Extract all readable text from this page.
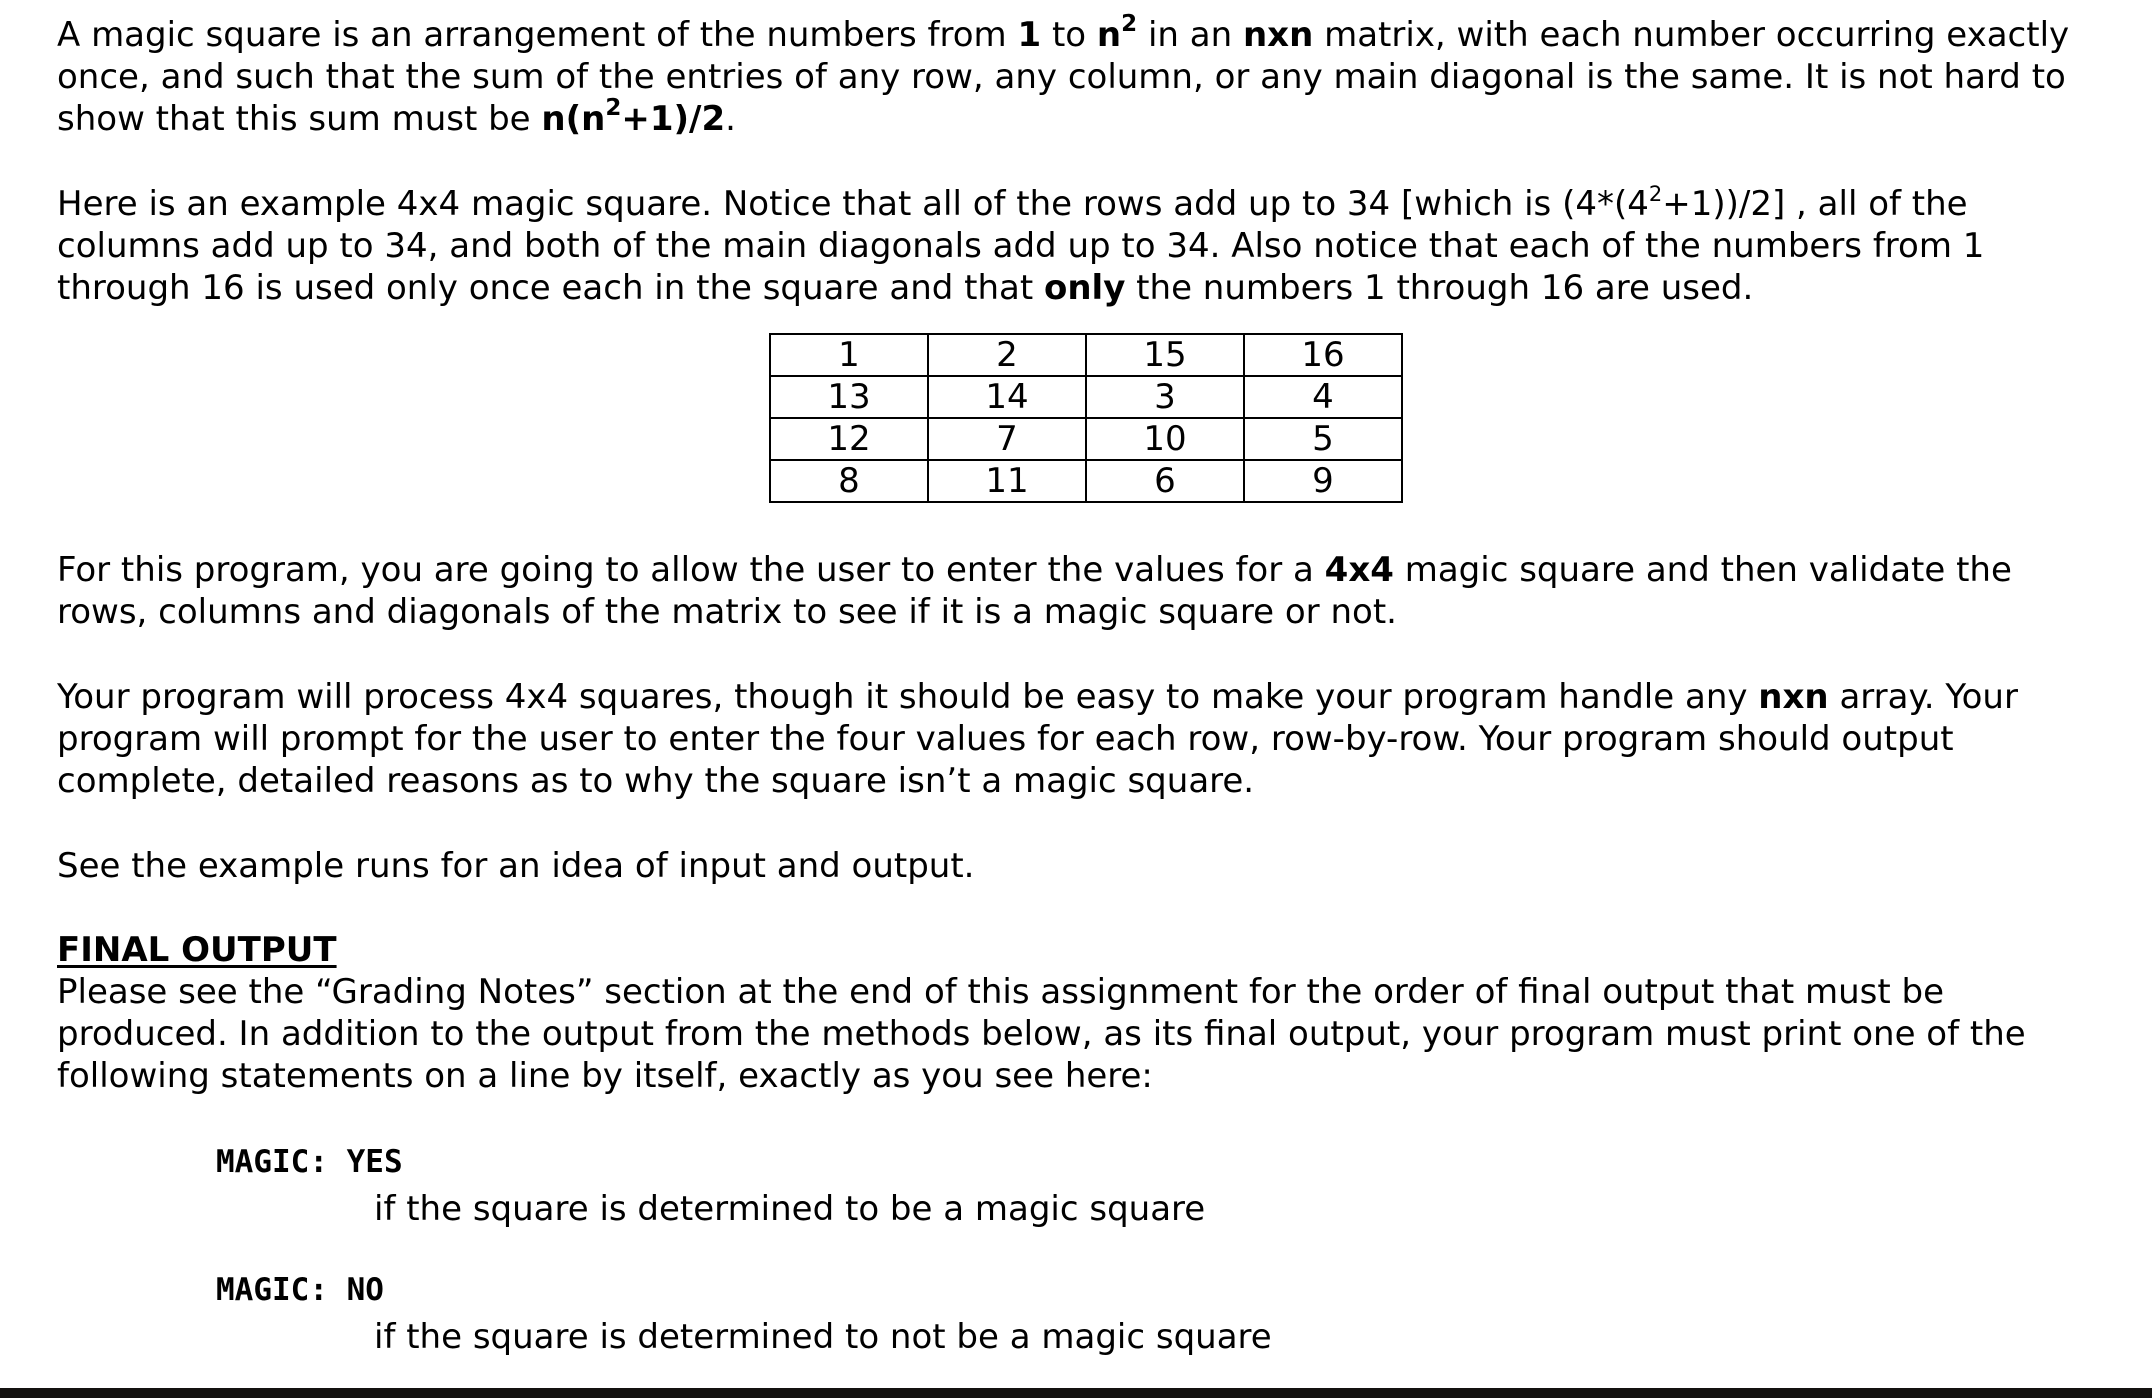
A magic square is an arrangement of the numbers from 1 to $n^2$ in an nxn matrix, with each number occurring exactly once, and such that the sum of the entries of any row, any column, or any main diagonal is the same. It is not hard to show that this sum must be $n(n^2+1)/2$.

Here is an example 4x4 magic square. Notice that all of the rows add up to 34 [which is $(4*(4^2+1))/2$] , all of the columns add up to 34, and both of the main diagonals add up to 34. Also notice that each of the numbers from 1 through 16 is used only once each in the square and that only the numbers 1 through 16 are used.

1	2	15	16
13	14	3	4
12	7	10	5
8	11	6	9

For this program, you are going to allow the user to enter the values for a 4x4 magic square and then validate the rows, columns and diagonals of the matrix to see if it is a magic square or not.

Your program will process 4x4 squares, though it should be easy to make your program handle any nxn array. Your program will prompt for the user to enter the four values for each row, row-by-row. Your program should output complete, detailed reasons as to why the square isn’t a magic square.

See the example runs for an idea of input and output.

FINAL OUTPUT

Please see the “Grading Notes” section at the end of this assignment for the order of final output that must be produced. In addition to the output from the methods below, as its final output, your program must print one of the following statements on a line by itself, exactly as you see here:

MAGIC: YES
if the square is determined to be a magic square
MAGIC: NO
if the square is determined to not be a magic square
